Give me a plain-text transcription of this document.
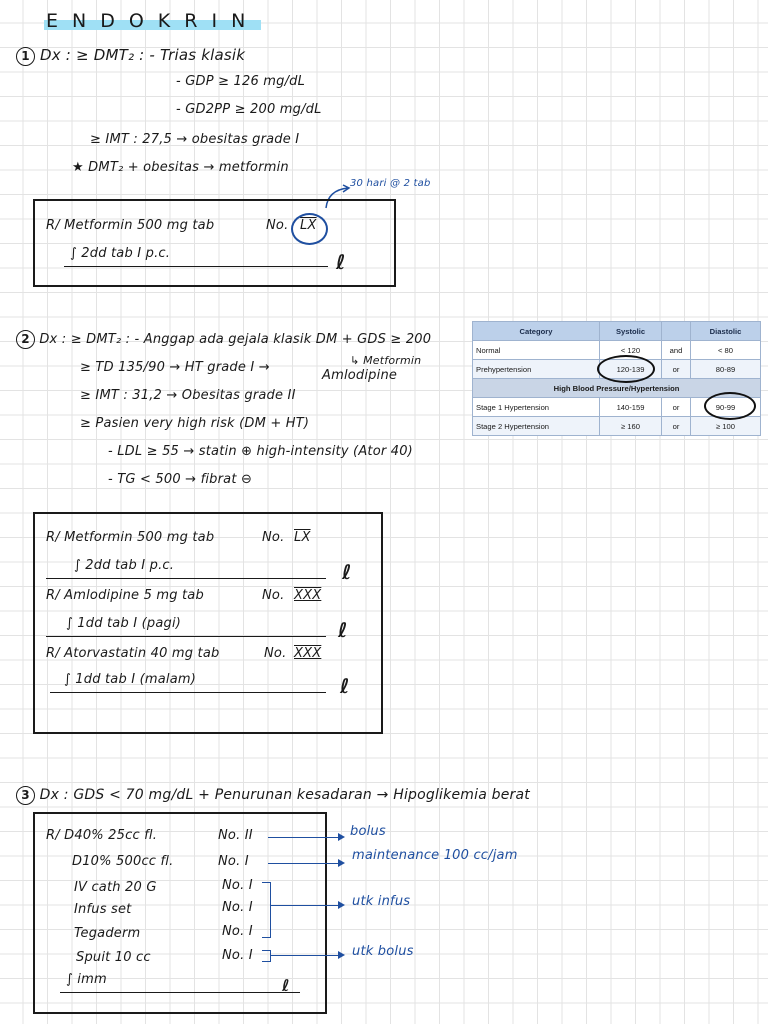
ENDOKRIN
1 Dx : ≥ DMT₂ : - Trias klasik
- GDP ≥ 126 mg/dL
- GD2PP ≥ 200 mg/dL
≥ IMT : 27,5 → obesitas grade I
★ DMT₂ + obesitas → metformin
30 hari @ 2 tab
R/ Metformin 500 mg tab	No. $\overline{LX}$
∫ 2dd tab I p.c.	ℓ
2 Dx : ≥ DMT₂ : - Anggap ada gejala klasik DM + GDS ≥ 200
↳ Metformin
≥ TD 135/90 → HT grade I →
Amlodipine
≥ IMT : 31,2 → Obesitas grade II
≥ Pasien very high risk (DM + HT)
- LDL ≥ 55 → statin ⊕ high-intensity (Ator 40)
- TG < 500 → fibrat ⊖
Category	Systolic		Diastolic
Normal	< 120	and	< 80
Prehypertension	120-139	or	80-89
High Blood Pressure/Hypertension			
Stage 1 Hypertension	140-159	or	90-99
Stage 2 Hypertension	≥ 160	or	≥ 100
R/ Metformin 500 mg tab	No. $\overline{LX}$
∫ 2dd tab I p.c.	ℓ
R/ Amlodipine 5 mg tab	No. XXX
∫ 1dd tab I (pagi)	ℓ
R/ Atorvastatin 40 mg tab	No. XXX
∫ 1dd tab I (malam)	ℓ
3 Dx : GDS < 70 mg/dL + Penurunan kesadaran → Hipoglikemia berat
R/ D40% 25cc fl.	No. II
D10% 500cc fl.	No. I
IV cath 20 G	No. I
Infus set	No. I
Tegaderm	No. I
Spuit 10 cc	No. I
∫ imm	ℓ
bolus
maintenance 100 cc/jam
utk infus
utk bolus
